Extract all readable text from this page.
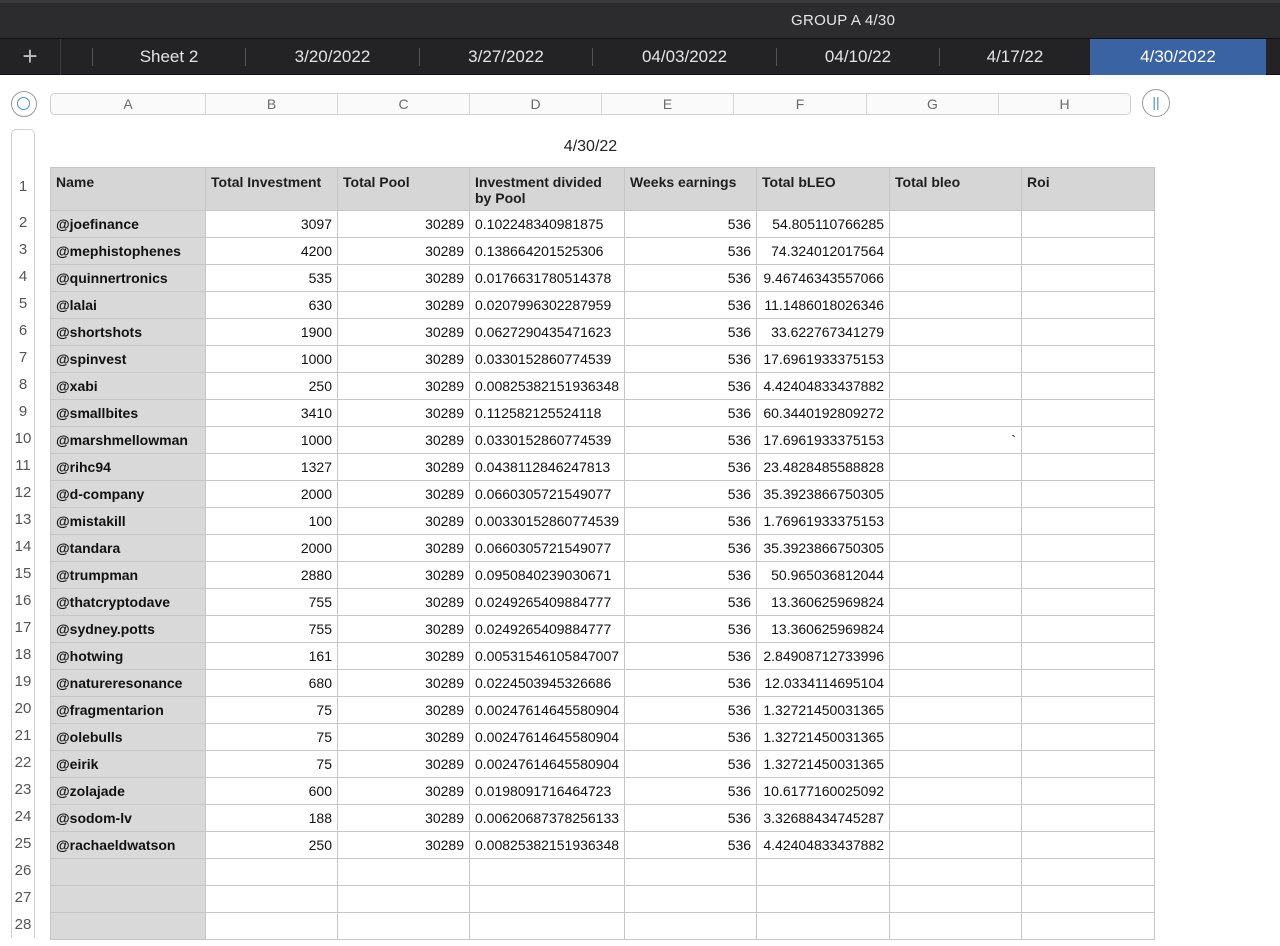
GROUP A 4/30
+	Sheet 2	3/20/2022	3/27/2022	04/03/2022	04/10/22	4/17/22	4/30/2022
A	B	C	D	E	F	G	H	||
4/30/22
1
2
3
4
5
6
7
8
9
10
11
12
13
14
15
16
17
18
19
20
21
22
23
24
25
26
27
28
Name	Total Investment	Total Pool	Investment divided by Pool	Weeks earnings	Total bLEO	Total bleo	Roi
@joefinance	3097	30289	0.102248340981875	536	54.805110766285		
@mephistophenes	4200	30289	0.138664201525306	536	74.324012017564		
@quinnertronics	535	30289	0.0176631780514378	536	9.46746343557066		
@lalai	630	30289	0.0207996302287959	536	11.1486018026346		
@shortshots	1900	30289	0.0627290435471623	536	33.622767341279		
@spinvest	1000	30289	0.0330152860774539	536	17.6961933375153		
@xabi	250	30289	0.00825382151936348	536	4.42404833437882		
@smallbites	3410	30289	0.112582125524118	536	60.3440192809272		
@marshmellowman	1000	30289	0.0330152860774539	536	17.6961933375153	`	
@rihc94	1327	30289	0.0438112846247813	536	23.4828485588828		
@d-company	2000	30289	0.0660305721549077	536	35.3923866750305		
@mistakill	100	30289	0.00330152860774539	536	1.76961933375153		
@tandara	2000	30289	0.0660305721549077	536	35.3923866750305		
@trumpman	2880	30289	0.0950840239030671	536	50.965036812044		
@thatcryptodave	755	30289	0.0249265409884777	536	13.360625969824		
@sydney.potts	755	30289	0.0249265409884777	536	13.360625969824		
@hotwing	161	30289	0.00531546105847007	536	2.84908712733996		
@natureresonance	680	30289	0.0224503945326686	536	12.0334114695104		
@fragmentarion	75	30289	0.00247614645580904	536	1.32721450031365		
@olebulls	75	30289	0.00247614645580904	536	1.32721450031365		
@eirik	75	30289	0.00247614645580904	536	1.32721450031365		
@zolajade	600	30289	0.0198091716464723	536	10.6177160025092		
@sodom-lv	188	30289	0.00620687378256133	536	3.32688434745287		
@rachaeldwatson	250	30289	0.00825382151936348	536	4.42404833437882		
